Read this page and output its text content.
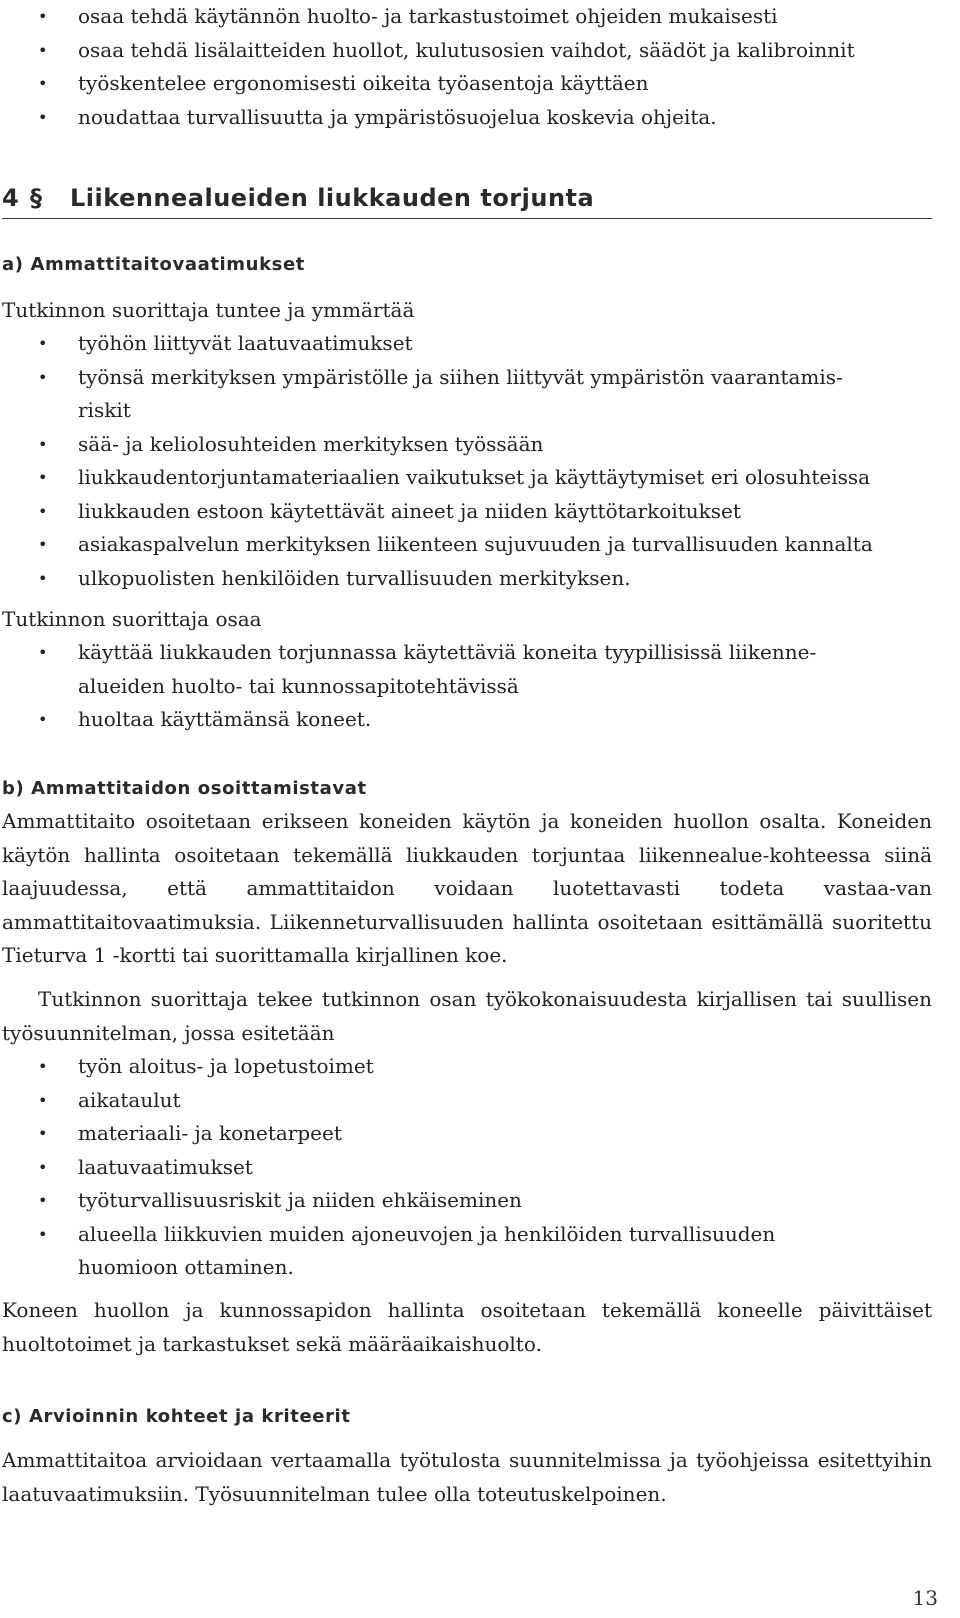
• osaa tehdä käytännön huolto- ja tarkastustoimet ohjeiden mukaisesti
• osaa tehdä lisälaitteiden huollot, kulutusosien vaihdot, säädöt ja kalibroinnit
• työskentelee ergonomisesti oikeita työasentoja käyttäen
• noudattaa turvallisuutta ja ympäristösuojelua koskevia ohjeita.
4 § Liikennealueiden liukkauden torjunta
a) Ammattitaitovaatimukset
Tutkinnon suorittaja tuntee ja ymmärtää
• työhön liittyvät laatuvaatimukset
• työnsä merkityksen ympäristölle ja siihen liittyvät ympäristön vaarantamis-riskit
• sää- ja keliolosuhteiden merkityksen työssään
• liukkaudentorjuntamateriaalien vaikutukset ja käyttäytymiset eri olosuhteissa
• liukkauden estoon käytettävät aineet ja niiden käyttötarkoitukset
• asiakaspalvelun merkityksen liikenteen sujuvuuden ja turvallisuuden kannalta
• ulkopuolisten henkilöiden turvallisuuden merkityksen.
Tutkinnon suorittaja osaa
• käyttää liukkauden torjunnassa käytettäviä koneita tyypillisissä liikenne-alueiden huolto- tai kunnossapitotehtävissä
• huoltaa käyttämänsä koneet.
b) Ammattitaidon osoittamistavat

Ammattitaito osoitetaan erikseen koneiden käytön ja koneiden huollon osalta. Koneiden käytön hallinta osoitetaan tekemällä liukkauden torjuntaa liikennealue-kohteessa siinä laajuudessa, että ammattitaidon voidaan luotettavasti todeta vastaa-van ammattitaitovaatimuksia. Liikenneturvallisuuden hallinta osoitetaan esittämällä suoritettu Tieturva 1 -kortti tai suorittamalla kirjallinen koe.

Tutkinnon suorittaja tekee tutkinnon osan työkokonaisuudesta kirjallisen tai suullisen työsuunnitelman, jossa esitetään

• työn aloitus- ja lopetustoimet
• aikataulut
• materiaali- ja konetarpeet
• laatuvaatimukset
• työturvallisuusriskit ja niiden ehkäiseminen
• alueella liikkuvien muiden ajoneuvojen ja henkilöiden turvallisuuden huomioon ottaminen.

Koneen huollon ja kunnossapidon hallinta osoitetaan tekemällä koneelle päivittäiset huoltotoimet ja tarkastukset sekä määräaikaishuolto.

c) Arvioinnin kohteet ja kriteerit

Ammattitaitoa arvioidaan vertaamalla työtulosta suunnitelmissa ja työohjeissa esitettyihin laatuvaatimuksiin. Työsuunnitelman tulee olla toteutuskelpoinen.

13
